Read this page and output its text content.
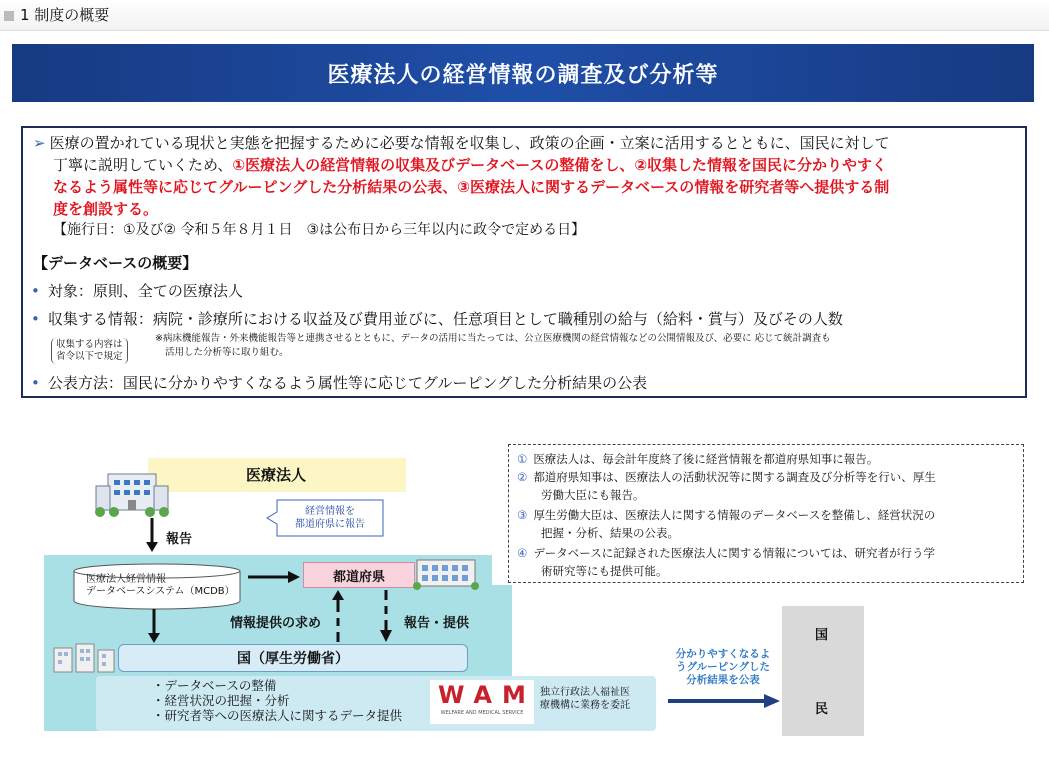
1 制度の概要
医療法人の経営情報の調査及び分析等
➢ 医療の置かれている現状と実態を把握するために必要な情報を収集し、政策の企画・立案に活用するとともに、国民に対して
丁寧に説明していくため、①医療法人の経営情報の収集及びデータベースの整備をし、②収集した情報を国民に分かりやすく
なるよう属性等に応じてグルーピングした分析結果の公表、③医療法人に関するデータベースの情報を研究者等へ提供する制
度を創設する。
【施行日：①及び② 令和５年８月１日　③は公布日から三年以内に政令で定める日】
【データベースの概要】
• 対象：原則、全ての医療法人
• 収集する情報：病院・診療所における収益及び費用並びに、任意項目として職種別の給与（給料・賞与）及びその人数
収集する内容は
省令以下で規定
※病床機能報告・外来機能報告等と連携させるとともに、データの活用に当たっては、公立医療機関の経営情報などの公開情報及び、必要に 応じて統計調査も
活用した分析等に取り組む。
• 公表方法：国民に分かりやすくなるよう属性等に応じてグルーピングした分析結果の公表
① 医療法人は、毎会計年度終了後に経営情報を都道府県知事に報告。
② 都道府県知事は、医療法人の活動状況等に関する調査及び分析等を行い、厚生
労働大臣にも報告。
③ 厚生労働大臣は、医療法人に関する情報のデータベースを整備し、経営状況の
把握・分析、結果の公表。
④ データベースに記録された医療法人に関する情報については、研究者が行う学
術研究等にも提供可能。
医療法人
報告
経営情報を
都道府県に報告
医療法人経営情報
データベースシステム（MCDB）
都道府県
情報提供の求め	報告・提供
国（厚生労働省）
・データベースの整備
・経営状況の把握・分析
・研究者等への医療法人に関するデータ提供
WAM
WELFARE AND MEDICAL SERVICE
独立行政法人福祉医
療機構に業務を委託
分かりやすくなるよ
うグルーピングした
分析結果を公表
国
民
